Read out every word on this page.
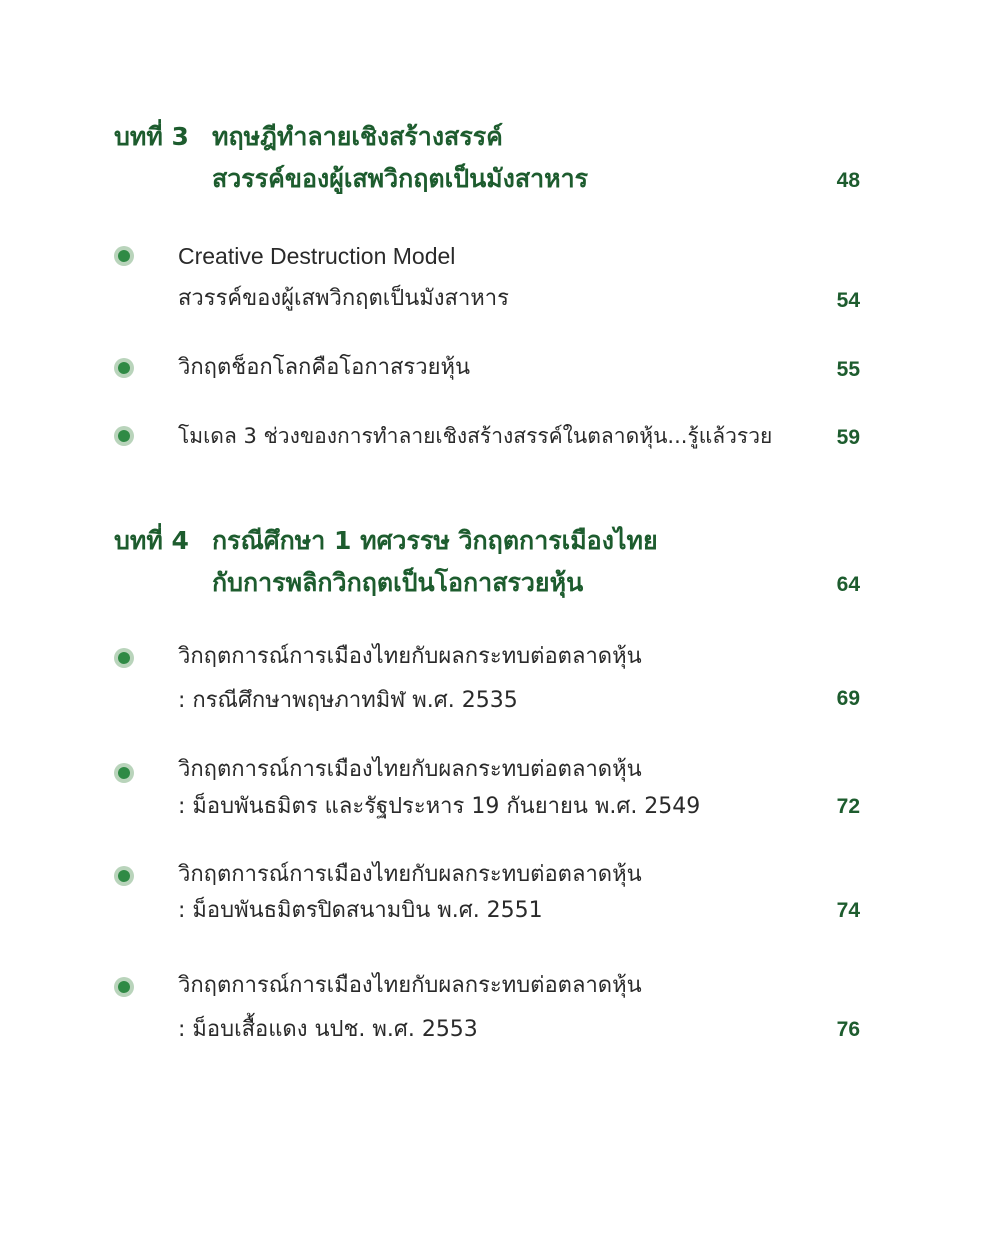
บทที่ 3 ทฤษฎีทำลายเชิงสร้างสรรค์
สวรรค์ของผู้เสพวิกฤตเป็นมังสาหาร	48
Creative Destruction Model
สวรรค์ของผู้เสพวิกฤตเป็นมังสาหาร	54
วิกฤตช็อกโลกคือโอกาสรวยหุ้น	55
โมเดล 3 ช่วงของการทำลายเชิงสร้างสรรค์ในตลาดหุ้น...รู้แล้วรวย	59
บทที่ 4 กรณีศึกษา 1 ทศวรรษ วิกฤตการเมืองไทย
กับการพลิกวิกฤตเป็นโอกาสรวยหุ้น	64
วิกฤตการณ์การเมืองไทยกับผลกระทบต่อตลาดหุ้น
: กรณีศึกษาพฤษภาทมิฬ พ.ศ. 2535	69
วิกฤตการณ์การเมืองไทยกับผลกระทบต่อตลาดหุ้น
: ม็อบพันธมิตร และรัฐประหาร 19 กันยายน พ.ศ. 2549	72
วิกฤตการณ์การเมืองไทยกับผลกระทบต่อตลาดหุ้น
: ม็อบพันธมิตรปิดสนามบิน พ.ศ. 2551	74
วิกฤตการณ์การเมืองไทยกับผลกระทบต่อตลาดหุ้น
: ม็อบเสื้อแดง นปช. พ.ศ. 2553	76
